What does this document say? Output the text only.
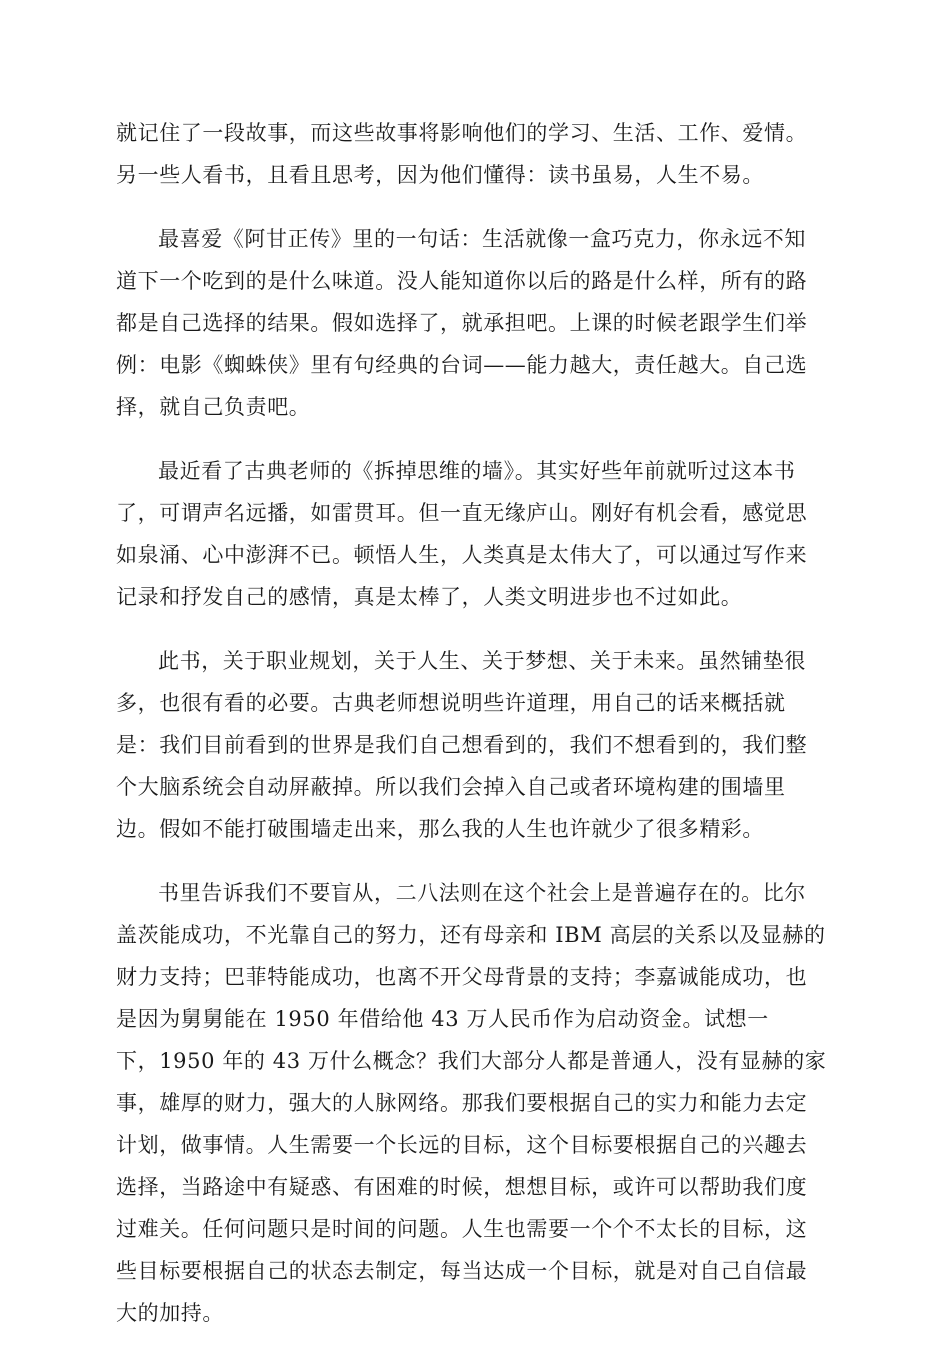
就记住了一段故事，而这些故事将影响他们的学习、生活、工作、爱情。
另一些人看书，且看且思考，因为他们懂得：读书虽易，人生不易。
最喜爱《阿甘正传》里的一句话：生活就像一盒巧克力，你永远不知
道下一个吃到的是什么味道。没人能知道你以后的路是什么样，所有的路
都是自己选择的结果。假如选择了，就承担吧。上课的时候老跟学生们举
例：电影《蜘蛛侠》里有句经典的台词——能力越大，责任越大。自己选
择，就自己负责吧。
最近看了古典老师的《拆掉思维的墙》。其实好些年前就听过这本书
了，可谓声名远播，如雷贯耳。但一直无缘庐山。刚好有机会看，感觉思
如泉涌、心中澎湃不已。顿悟人生，人类真是太伟大了，可以通过写作来
记录和抒发自己的感情，真是太棒了，人类文明进步也不过如此。
此书，关于职业规划，关于人生、关于梦想、关于未来。虽然铺垫很
多，也很有看的必要。古典老师想说明些许道理，用自己的话来概括就
是：我们目前看到的世界是我们自己想看到的，我们不想看到的，我们整
个大脑系统会自动屏蔽掉。所以我们会掉入自己或者环境构建的围墙里
边。假如不能打破围墙走出来，那么我的人生也许就少了很多精彩。
书里告诉我们不要盲从，二八法则在这个社会上是普遍存在的。比尔
盖茨能成功，不光靠自己的努力，还有母亲和 IBM 高层的关系以及显赫的
财力支持；巴菲特能成功，也离不开父母背景的支持；李嘉诚能成功，也
是因为舅舅能在 1950 年借给他 43 万人民币作为启动资金。试想一
下，1950 年的 43 万什么概念？我们大部分人都是普通人，没有显赫的家
事，雄厚的财力，强大的人脉网络。那我们要根据自己的实力和能力去定
计划，做事情。人生需要一个长远的目标，这个目标要根据自己的兴趣去
选择，当路途中有疑惑、有困难的时候，想想目标，或许可以帮助我们度
过难关。任何问题只是时间的问题。人生也需要一个个不太长的目标，这
些目标要根据自己的状态去制定，每当达成一个目标，就是对自己自信最
大的加持。
